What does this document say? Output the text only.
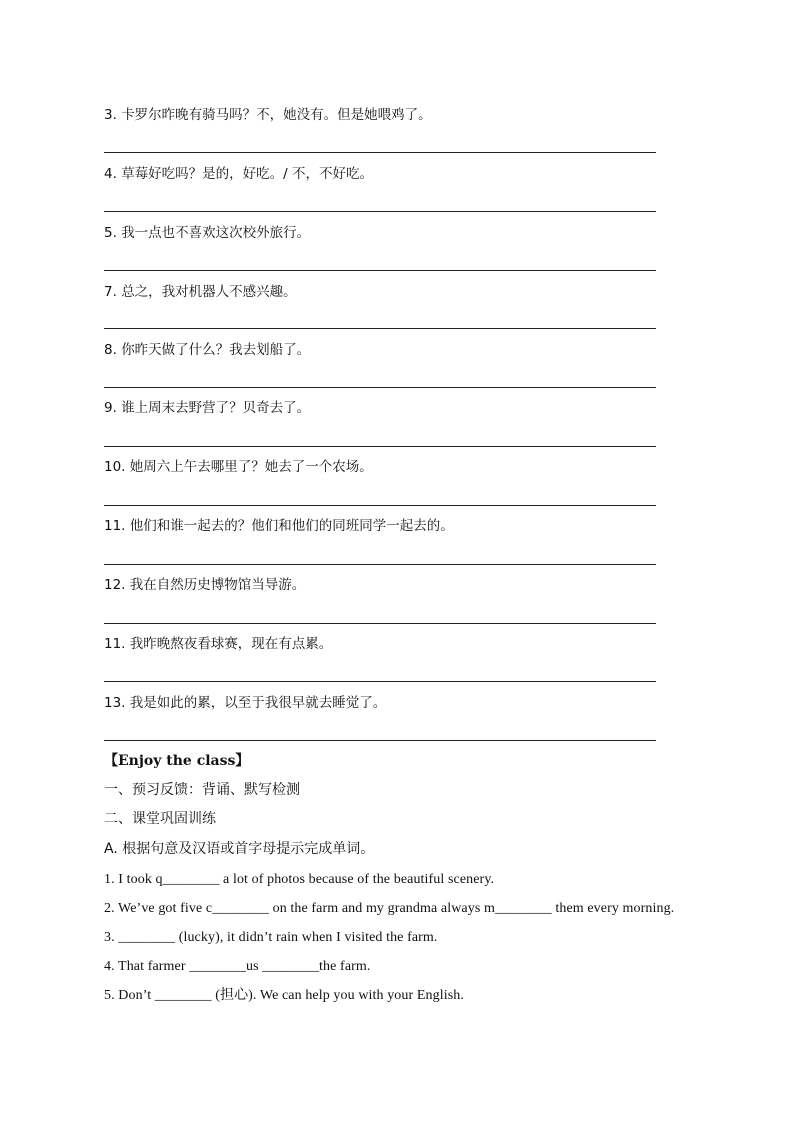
3. 卡罗尔昨晚有骑马吗？不，她没有。但是她喂鸡了。
4. 草莓好吃吗？是的，好吃。/ 不，不好吃。
5. 我一点也不喜欢这次校外旅行。
7. 总之，我对机器人不感兴趣。
8. 你昨天做了什么？我去划船了。
9. 谁上周末去野营了？贝奇去了。
10. 她周六上午去哪里了？她去了一个农场。
11. 他们和谁一起去的？他们和他们的同班同学一起去的。
12. 我在自然历史博物馆当导游。
11. 我昨晚熬夜看球赛，现在有点累。
13. 我是如此的累，以至于我很早就去睡觉了。
【Enjoy the class】
一、预习反馈：背诵、默写检测
二、课堂巩固训练
A. 根据句意及汉语或首字母提示完成单词。
1. I took q________ a lot of photos because of the beautiful scenery.
2. We’ve got five c________ on the farm and my grandma always m________ them every morning.
3. ________ (lucky), it didn’t rain when I visited the farm.
4. That farmer ________us ________the farm.
5. Don’t ________ (担心). We can help you with your English.
